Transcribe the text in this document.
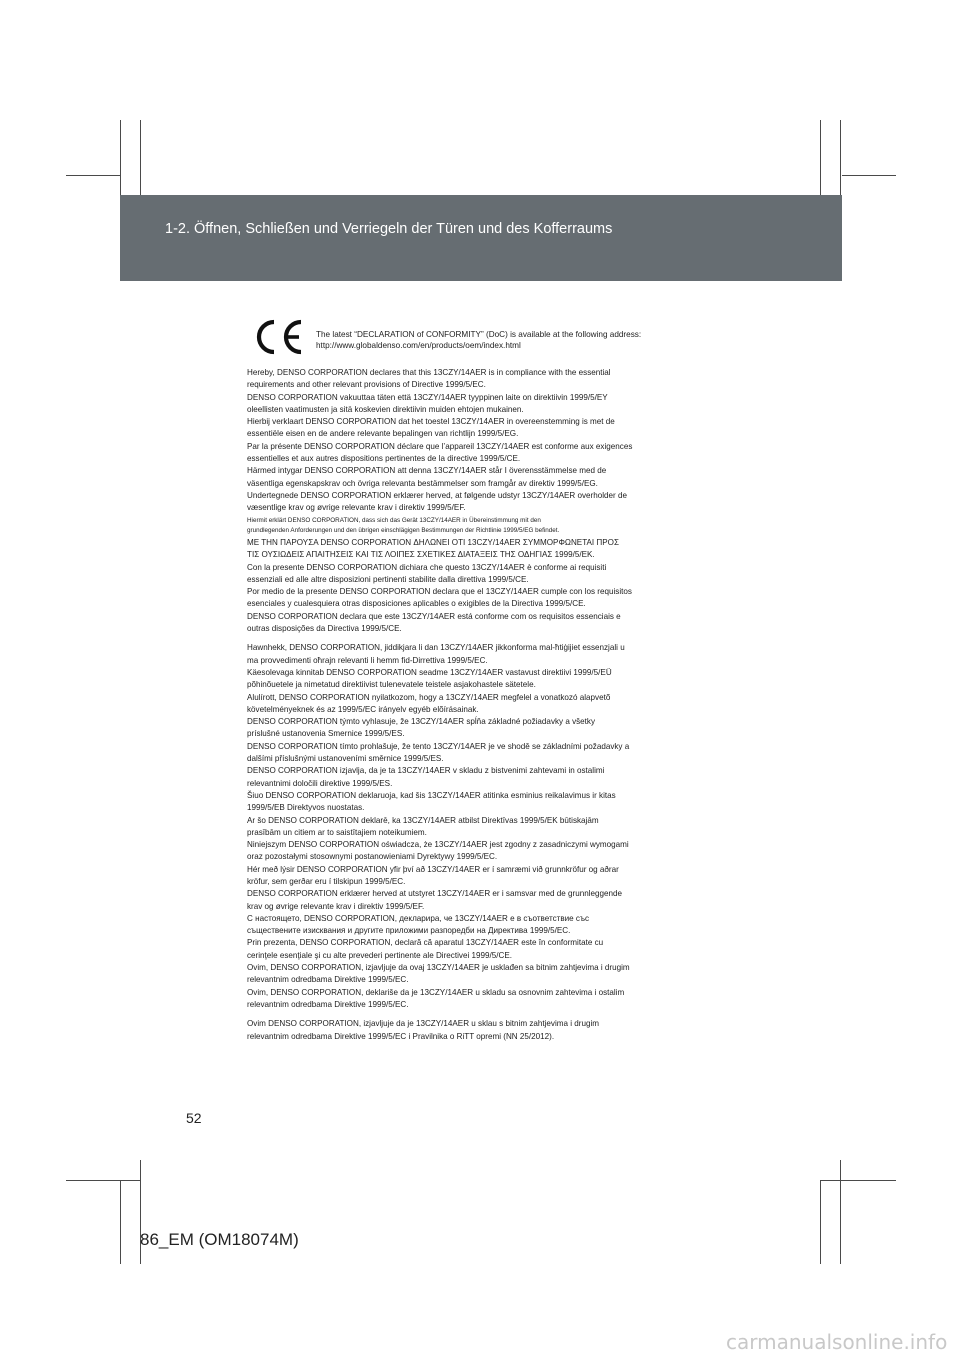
1-2. Öffnen, Schließen und Verriegeln der Türen und des Kofferraums
The latest “DECLARATION of CONFORMITY” (DoC) is available at the following address:
http://www.globaldenso.com/en/products/oem/index.html
Hereby, DENSO CORPORATION declares that this 13CZY/14AER is in compliance with the essential
requirements and other relevant provisions of Directive 1999/5/EC.
DENSO CORPORATION vakuuttaa täten että 13CZY/14AER tyyppinen laite on direktiivin 1999/5/EY
oleellisten vaatimusten ja sitä koskevien direktiivin muiden ehtojen mukainen.
Hierbij verklaart DENSO CORPORATION dat het toestel 13CZY/14AER in overeenstemming is met de
essentiële eisen en de andere relevante bepalingen van richtlijn 1999/5/EG.
Par la présente DENSO CORPORATION déclare que l’appareil 13CZY/14AER est conforme aux exigences
essentielles et aux autres dispositions pertinentes de la directive 1999/5/CE.
Härmed intygar DENSO CORPORATION att denna 13CZY/14AER står I överensstämmelse med de
väsentliga egenskapskrav och övriga relevanta bestämmelser som framgår av direktiv 1999/5/EG.
Undertegnede DENSO CORPORATION erklærer herved, at følgende udstyr 13CZY/14AER overholder de
væsentlige krav og øvrige relevante krav i direktiv 1999/5/EF.
Hiermit erklärt DENSO CORPORATION, dass sich das Gerät 13CZY/14AER in Übereinstimmung mit den
grundlegenden Anforderungen und den übrigen einschlägigen Bestimmungen der Richtlinie 1999/5/EG befindet.
ΜΕ ΤΗΝ ΠΑΡΟΥΣΑ DENSO CORPORATION ΔΗΛΩΝΕΙ ΟΤΙ 13CZY/14AER ΣΥΜΜΟΡΦΩΝΕΤΑΙ ΠΡΟΣ
ΤΙΣ ΟΥΣΙΩΔΕΙΣ ΑΠΑΙΤΗΣΕΙΣ ΚΑΙ ΤΙΣ ΛΟΙΠΕΣ ΣΧΕΤΙΚΕΣ ΔΙΑΤΑΞΕΙΣ ΤΗΣ ΟΔΗΓΙΑΣ 1999/5/ΕΚ.
Con la presente DENSO CORPORATION dichiara che questo 13CZY/14AER è conforme ai requisiti
essenziali ed alle altre disposizioni pertinenti stabilite dalla direttiva 1999/5/CE.
Por medio de la presente DENSO CORPORATION declara que el 13CZY/14AER cumple con los requisitos
esenciales y cualesquiera otras disposiciones aplicables o exigibles de la Directiva 1999/5/CE.
DENSO CORPORATION declara que este 13CZY/14AER está conforme com os requisitos essenciais e
outras disposições da Directiva 1999/5/CE.
Hawnhekk, DENSO CORPORATION, jiddikjara li dan 13CZY/14AER jikkonforma mal-ħtiġijiet essenzjali u
ma provvedimenti oħrajn relevanti li hemm fid-Dirrettiva 1999/5/EC.
Käesolevaga kinnitab DENSO CORPORATION seadme 13CZY/14AER vastavust direktiivi 1999/5/EÜ
põhinõuetele ja nimetatud direktiivist tulenevatele teistele asjakohastele sätetele.
Alulírott, DENSO CORPORATION nyilatkozom, hogy a 13CZY/14AER megfelel a vonatkozó alapvetõ
követelményeknek és az 1999/5/EC irányelv egyéb elõírásainak.
DENSO CORPORATION týmto vyhlasuje, že 13CZY/14AER spĺňa základné požiadavky a všetky
príslušné ustanovenia Smernice 1999/5/ES.
DENSO CORPORATION tímto prohlašuje, že tento 13CZY/14AER je ve shodě se základními požadavky a
dalšími příslušnými ustanoveními směrnice 1999/5/ES.
DENSO CORPORATION izjavlja, da je ta 13CZY/14AER v skladu z bistvenimi zahtevami in ostalimi
relevantnimi določili direktive 1999/5/ES.
Šiuo DENSO CORPORATION deklaruoja, kad šis 13CZY/14AER atitinka esminius reikalavimus ir kitas
1999/5/EB Direktyvos nuostatas.
Ar šo DENSO CORPORATION deklarē, ka 13CZY/14AER atbilst Direktīvas 1999/5/EK būtiskajām
prasībām un citiem ar to saistītajiem noteikumiem.
Niniejszym DENSO CORPORATION oświadcza, że 13CZY/14AER jest zgodny z zasadniczymi wymogami
oraz pozostałymi stosownymi postanowieniami Dyrektywy 1999/5/EC.
Hér með lýsir DENSO CORPORATION yfir því að 13CZY/14AER er í samræmi við grunnkröfur og aðrar
kröfur, sem gerðar eru í tilskipun 1999/5/EC.
DENSO CORPORATION erklærer herved at utstyret 13CZY/14AER er i samsvar med de grunnleggende
krav og øvrige relevante krav i direktiv 1999/5/EF.
С настоящето, DENSO CORPORATION, декларира, че 13CZY/14AER е в съответствие със
съществените изисквания и другите приложими разпоредби на Директива 1999/5/EC.
Prin prezenta, DENSO CORPORATION, declară că aparatul 13CZY/14AER este în conformitate cu
cerinţele esenţiale şi cu alte prevederi pertinente ale Directivei 1999/5/CE.
Ovim, DENSO CORPORATION, izjavljuje da ovaj 13CZY/14AER je usklađen sa bitnim zahtjevima i drugim
relevantnim odredbama Direktive 1999/5/EC.
Ovim, DENSO CORPORATION, deklariše da je 13CZY/14AER u skladu sa osnovnim zahtevima i ostalim
relevantnim odredbama Direktive 1999/5/EC.
Ovim DENSO CORPORATION, izjavljuje da je 13CZY/14AER u sklau s bitnim zahtjevima i drugim
relevantnim odredbama Direktive 1999/5/EC i Pravilnika o RiTT opremi (NN 25/2012).
52
86_EM (OM18074M)
carmanualsonline.info
